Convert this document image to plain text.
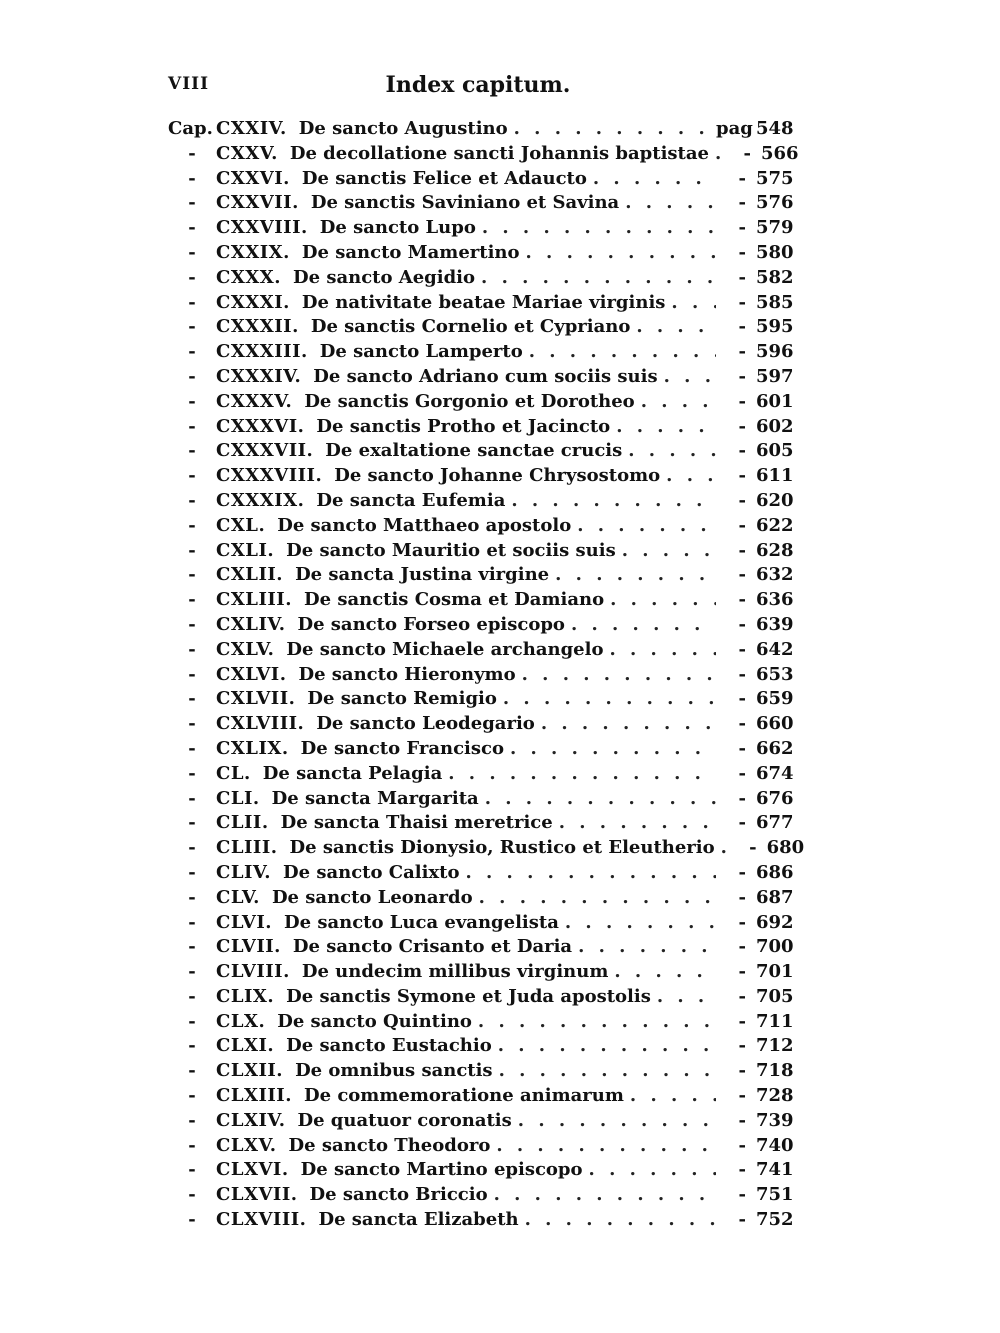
VIII	Index capitum.
Cap. CXXIV. De sancto Augustino . . .	pag 548
-	CXXV. De decollatione sancti Johannis baptistae . . .	- 566
-	CXXVI. De sanctis Felice et Adaucto . . .	- 575
-	CXXVII. De sanctis Saviniano et Savina . . .	- 576
-	CXXVIII. De sancto Lupo . . .	- 579
-	CXXIX. De sancto Mamertino . . .	- 580
-	CXXX. De sancto Aegidio . . .	- 582
-	CXXXI. De nativitate beatae Mariae virginis . . .	- 585
-	CXXXII. De sanctis Cornelio et Cypriano . . .	- 595
-	CXXXIII. De sancto Lamperto . . .	- 596
-	CXXXIV. De sancto Adriano cum sociis suis . . .	- 597
-	CXXXV. De sanctis Gorgonio et Dorotheo . . .	- 601
-	CXXXVI. De sanctis Protho et Jacincto . . .	- 602
-	CXXXVII. De exaltatione sanctae crucis . . .	- 605
-	CXXXVIII. De sancto Johanne Chrysostomo . . .	- 611
-	CXXXIX. De sancta Eufemia . . .	- 620
-	CXL. De sancto Matthaeo apostolo . . .	- 622
-	CXLI. De sancto Mauritio et sociis suis . . .	- 628
-	CXLII. De sancta Justina virgine . . .	- 632
-	CXLIII. De sanctis Cosma et Damiano . . .	- 636
-	CXLIV. De sancto Forseo episcopo . . .	- 639
-	CXLV. De sancto Michaele archangelo . . .	- 642
-	CXLVI. De sancto Hieronymo . . .	- 653
-	CXLVII. De sancto Remigio . . .	- 659
-	CXLVIII. De sancto Leodegario . . .	- 660
-	CXLIX. De sancto Francisco . . .	- 662
-	CL. De sancta Pelagia . . .	- 674
-	CLI. De sancta Margarita . . .	- 676
-	CLII. De sancta Thaisi meretrice . . .	- 677
-	CLIII. De sanctis Dionysio, Rustico et Eleutherio . . .	- 680
-	CLIV. De sancto Calixto . . .	- 686
-	CLV. De sancto Leonardo . . .	- 687
-	CLVI. De sancto Luca evangelista . . .	- 692
-	CLVII. De sancto Crisanto et Daria . . .	- 700
-	CLVIII. De undecim millibus virginum . . .	- 701
-	CLIX. De sanctis Symone et Juda apostolis . . .	- 705
-	CLX. De sancto Quintino . . .	- 711
-	CLXI. De sancto Eustachio . . .	- 712
-	CLXII. De omnibus sanctis . . .	- 718
-	CLXIII. De commemoratione animarum . . .	- 728
-	CLXIV. De quatuor coronatis . . .	- 739
-	CLXV. De sancto Theodoro . . .	- 740
-	CLXVI. De sancto Martino episcopo . . .	- 741
-	CLXVII. De sancto Briccio . . .	- 751
-	CLXVIII. De sancta Elizabeth . . .	- 752
